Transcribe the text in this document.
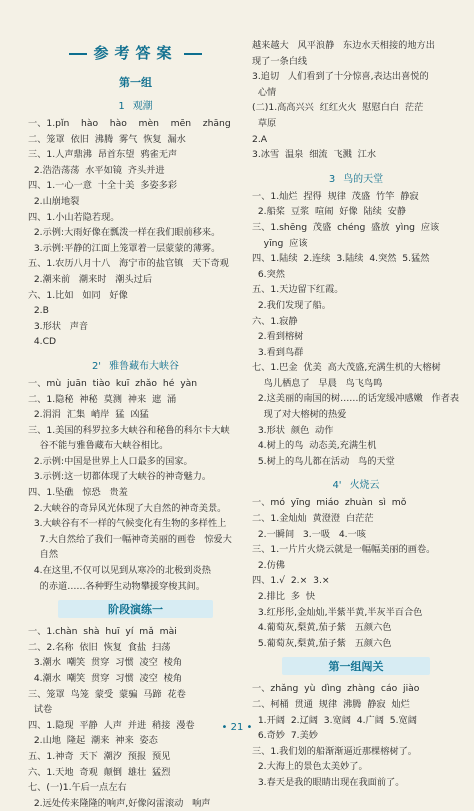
参考答案
第一组
1 观潮
一、1.pǐn    hào    hào    mèn    mēn    zhāng
二、笼罩  依旧  沸腾  雾气  恢复  漏水
三、1.人声鼎沸  昂首东望  鸦雀无声
2.浩浩荡荡  水平如镜  齐头并进
四、1.一心一意  十全十美  多姿多彩
2.山崩地裂
四、1.小山若隐若现。
2.示例:大雨好像在瓢泼一样在我们眼前移来。
3.示例:平静的江面上笼罩着一层蒙蒙的薄雾。
五、1.农历八月十八   海宁市的盐官镇   天下奇观
2.潮来前   潮来时   潮头过后
六、1.比如   如同   好像
2.B
3.形状   声音
4.CD
2' 雅鲁藏布大峡谷
一、mù  juān  tiào  kuī  zhǎo  hé  yàn
二、1.隐秘  神秘  莫测  神来  遮  涌
2.涓涓  汇集  峭岸  猛  凶猛
三、1.美国的科罗拉多大峡谷和秘鲁的科尔卡大峡
谷不能与雅鲁藏布大峡谷相比。
2.示例:中国是世界上人口最多的国家。
3.示例:这一切都体现了大峡谷的神奇魅力。
四、1.坠礁   惊恐   贵羞
2.大峡谷的奇异风光体现了大自然的神奇美景。
3.大峡谷有不一样的气候变化有生物的多样性上
7.大自然给了我们一幅神奇美丽的画卷   惊爱大
自然
4.在这里,不仅可以见到从寒冷的北极到炎热
的赤道……各种野生动物攀援穿梭其间。
阶段演练一
一、1.chàn  shà  huī  yí  mǎ  mài
二、2.名称  依旧  恢复  食盐  扫荡
3.潮水  嘲笑  贯穿  习惯  凌空  棱角
4.潮水  嘲笑  贯穿  习惯  凌空  棱角
三、笼罩  鸟笼  蒙受  蒙骗  马蹄  花卷
试卷
四、1.隐现  平静  人声  并进  稍接  漫卷
2.山地  隆起  潮来  神来  姿态
五、1.神奇  天下  潮汐  预报  预见
六、1.天地  奇观  颠倒  雄壮  猛烈
七、(一)1.午后一点左右
2.远处传来隆隆的响声,好像闷雷滚动   响声
越来越大   风平浪静   东边水天相接的地方出
现了一条白线
3.追切   人们看到了十分惊喜,表达出喜悦的
心情
(二)1.高高兴兴  红红火火  慰慰白白  茫茫
草原
2.A
3.冰雪  温泉  细流  飞溅  江水
3 鸟的天堂
一、1.灿烂  捏得  规律  茂盛  竹竿  静寂
2.船桨  豆浆  喧闹  好像  陆续  安静
三、1.shēng  茂盛  chéng  盛放  yìng  应该
yīng  应该
四、1.陆续  2.连续  3.陆续  4.突然  5.猛然
6.突然
五、1.天边留下红霞。
2.我们发现了船。
六、1.寂静
2.看到榕树
3.看到鸟群
七、1.巴金  优美  高大茂盛,充满生机的大榕树
鸟儿栖息了   早晨   鸟飞鸟鸣
2.这美丽的南国的树……的话宠缓冲感嫩   作者表
现了对大榕树的热爱
3.形状  颜色  动作
4.树上的鸟  动态美,充满生机
5.树上的鸟儿都在活动   鸟的天堂
4' 火烧云
一、mó  yīng  miáo  zhuàn  sì  mǒ
二、1.金灿灿  黄澄澄  白茫茫
2.一瞬间   3.一吸   4.一咳
三、1.一片片火烧云就是一幅幅美丽的画卷。
2.仿佛
四、1.√  2.×  3.×
2.排比  多  快
3.红彤彤,金灿灿,半紫半黄,半灰半百合色
4.葡萄灰,梨黄,茄子紫   五颜六色
5.葡萄灰,梨黄,茄子紫   五颜六色
第一组闯关
一、zhǎng  yù  dìng  zhàng  cáo  jiào
二、柯桶  贯通  规律  沸腾  静寂  灿烂
1.开阔  2.辽阔  3.宽阔  4.广阔  5.宽阔
6.奇妙  7.美妙
三、1.我们划的船渐渐逼近那棵榕树了。
2.大海上的景色太美妙了。
3.春天是我的眼睛出现在我面前了。
• 21 •
